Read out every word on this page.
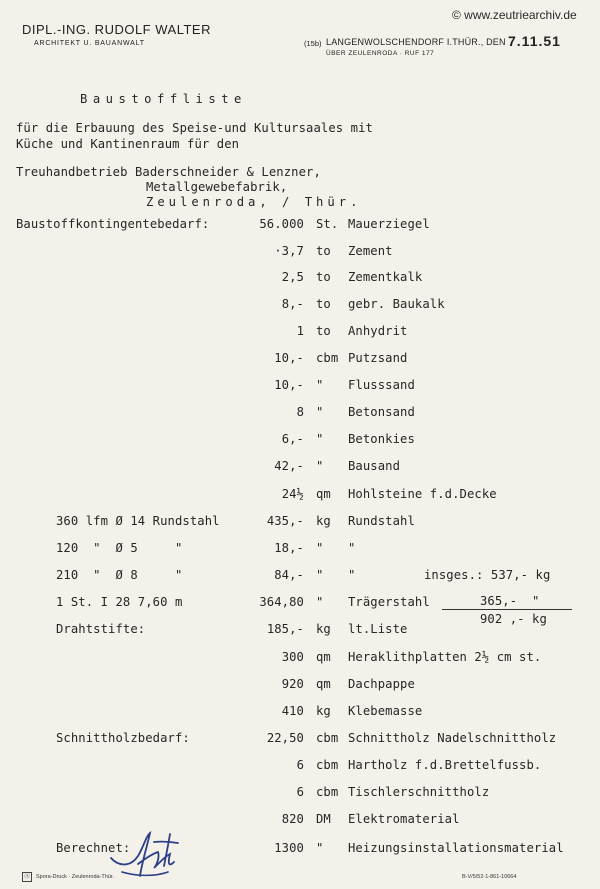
© www.zeutriearchiv.de
DIPL.-ING. RUDOLF WALTER
ARCHITEKT U. BAUANWALT	(15b) LANGENWOLSCHENDORF I.THÜR., DEN 7.11.51
ÜBER ZEULENRODA · RUF 177
Baustoffliste
für die Erbauung des Speise-und Kultursaales mit
Küche und Kantinenraum für den
Treuhandbetrieb Baderschneider & Lenzner,
Metallgewebefabrik,
Zeulenroda, / Thür.
Baustoffkontingentebedarf:	56.000 St. Mauerziegel
·3,7 to Zement
2,5 to Zementkalk
8,- to gebr. Baukalk
1 to Anhydrit
10,- cbm Putzsand
10,- " Flusssand
8 " Betonsand
6,- " Betonkies
42,- " Bausand
24½ qm Hohlsteine f.d.Decke
360 lfm Ø 14 Rundstahl	435,- kg Rundstahl
120  "  Ø 5     "	18,- " "
210  "  Ø 8     "	84,- " "	insges.: 537,- kg
1 St. I 28 7,60 m	364,80 " Trägerstahl	365,-  "
Drahtstifte:	185,- kg lt.Liste
902 ,- kg
300 qm Heraklithplatten 2½ cm st.
920 qm Dachpappe
410 kg Klebemasse
Schnittholzbedarf:	22,50 cbm Schnittholz Nadelschnittholz
6 cbm Hartholz f.d.Brettelfussb.
6 cbm Tischlerschnittholz
820 DM Elektromaterial
Berechnet:	1300 " Heizungsinstallationsmaterial
Ⓐ	Spora-Druck · Zeulenroda-Thür.	B-V/5/52-1-861-10664
